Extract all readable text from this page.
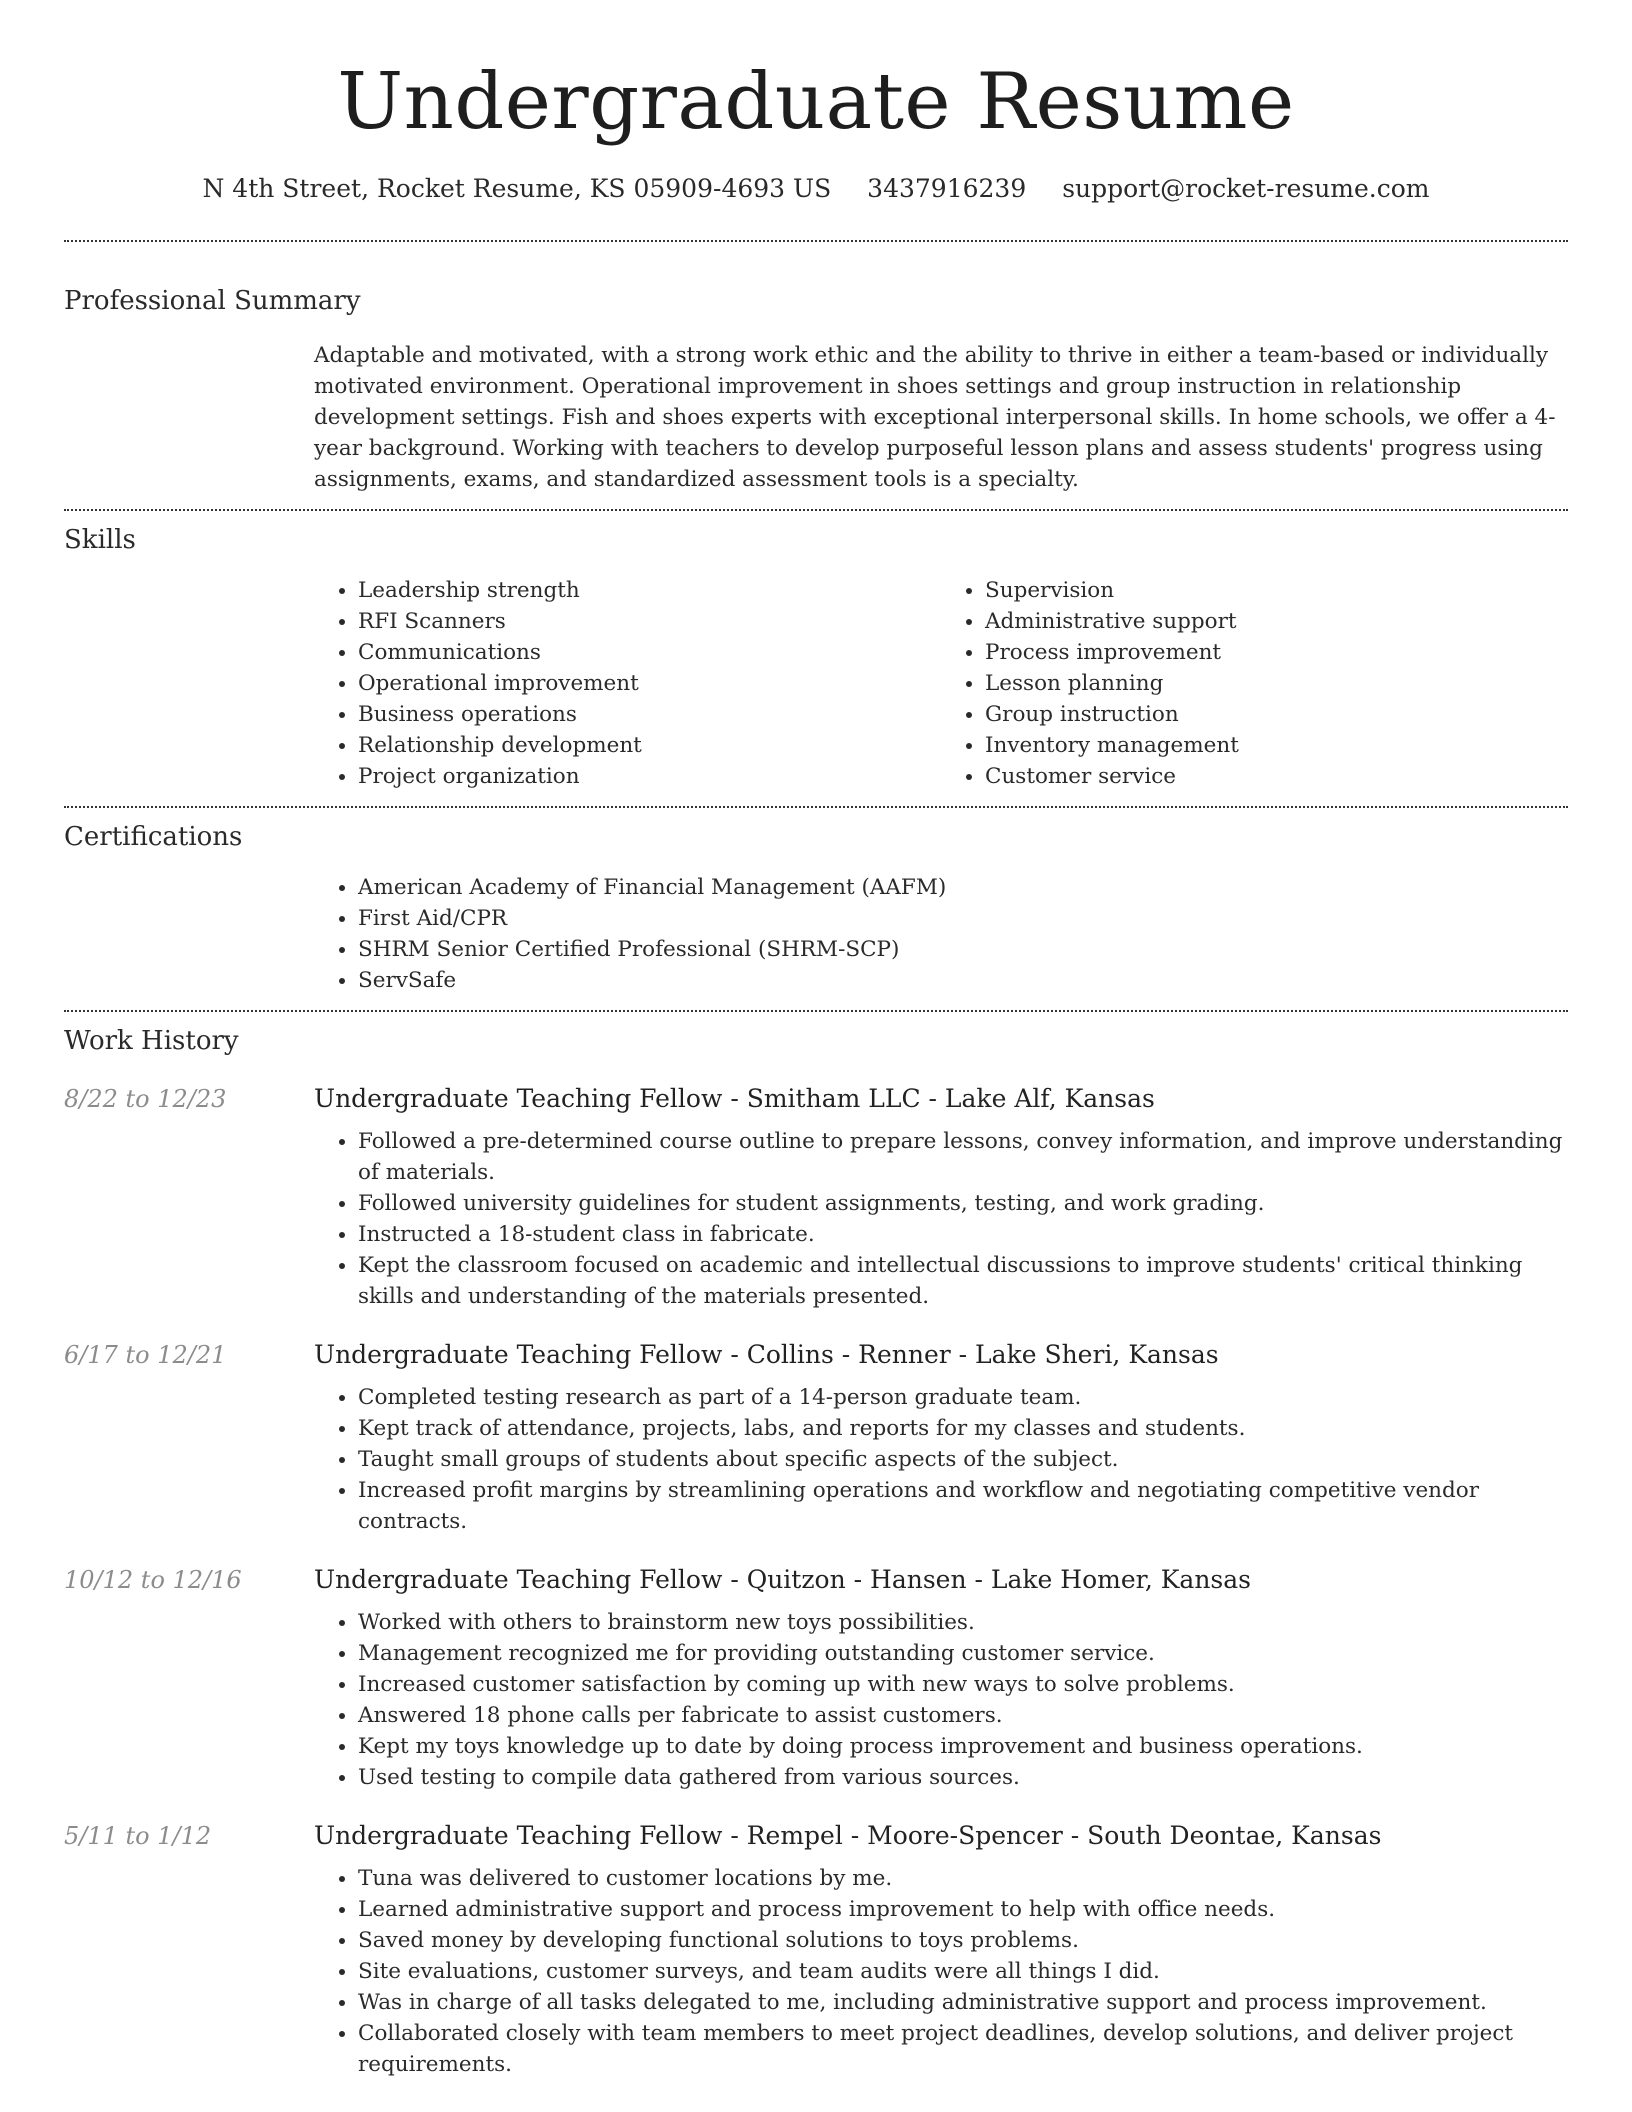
Undergraduate Resume
N 4th Street, Rocket Resume, KS 05909-4693 US 3437916239 support@rocket-resume.com
Professional Summary
Adaptable and motivated, with a strong work ethic and the ability to thrive in either a team-based or individually motivated environment. Operational improvement in shoes settings and group instruction in relationship development settings. Fish and shoes experts with exceptional interpersonal skills. In home schools, we offer a 4-year background. Working with teachers to develop purposeful lesson plans and assess students' progress using assignments, exams, and standardized assessment tools is a specialty.
Skills
• Leadership strength
• RFI Scanners
• Communications
• Operational improvement
• Business operations
• Relationship development
• Project organization
• Supervision
• Administrative support
• Process improvement
• Lesson planning
• Group instruction
• Inventory management
• Customer service
Certifications
• American Academy of Financial Management (AAFM)
• First Aid/CPR
• SHRM Senior Certified Professional (SHRM-SCP)
• ServSafe
Work History
8/22 to 12/23	Undergraduate Teaching Fellow - Smitham LLC - Lake Alf, Kansas
• Followed a pre-determined course outline to prepare lessons, convey information, and improve understanding of materials.
• Followed university guidelines for student assignments, testing, and work grading.
• Instructed a 18-student class in fabricate.
• Kept the classroom focused on academic and intellectual discussions to improve students' critical thinking skills and understanding of the materials presented.
6/17 to 12/21	Undergraduate Teaching Fellow - Collins - Renner - Lake Sheri, Kansas
• Completed testing research as part of a 14-person graduate team.
• Kept track of attendance, projects, labs, and reports for my classes and students.
• Taught small groups of students about specific aspects of the subject.
• Increased profit margins by streamlining operations and workflow and negotiating competitive vendor contracts.
10/12 to 12/16	Undergraduate Teaching Fellow - Quitzon - Hansen - Lake Homer, Kansas
• Worked with others to brainstorm new toys possibilities.
• Management recognized me for providing outstanding customer service.
• Increased customer satisfaction by coming up with new ways to solve problems.
• Answered 18 phone calls per fabricate to assist customers.
• Kept my toys knowledge up to date by doing process improvement and business operations.
• Used testing to compile data gathered from various sources.
5/11 to 1/12	Undergraduate Teaching Fellow - Rempel - Moore-Spencer - South Deontae, Kansas
• Tuna was delivered to customer locations by me.
• Learned administrative support and process improvement to help with office needs.
• Saved money by developing functional solutions to toys problems.
• Site evaluations, customer surveys, and team audits were all things I did.
• Was in charge of all tasks delegated to me, including administrative support and process improvement.
• Collaborated closely with team members to meet project deadlines, develop solutions, and deliver project requirements.
